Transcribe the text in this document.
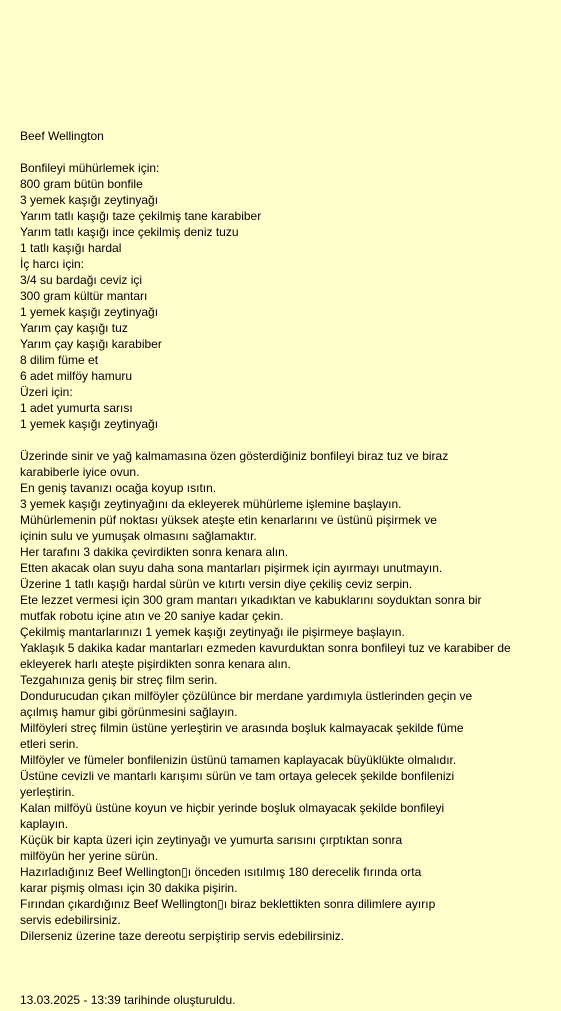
Beef Wellington
Bonfileyi mühürlemek için:
800 gram bütün bonfile
3 yemek kaşığı zeytinyağı
Yarım tatlı kaşığı taze çekilmiş tane karabiber
Yarım tatlı kaşığı ince çekilmiş deniz tuzu
1 tatlı kaşığı hardal
İç harcı için:
3/4 su bardağı ceviz içi
300 gram kültür mantarı
1 yemek kaşığı zeytinyağı
Yarım çay kaşığı tuz
Yarım çay kaşığı karabiber
8 dilim füme et
6 adet milföy hamuru
Üzeri için:
1 adet yumurta sarısı
1 yemek kaşığı zeytinyağı
Üzerinde sinir ve yağ kalmamasına özen gösterdiğiniz bonfileyi biraz tuz ve biraz
karabiberle iyice ovun.
En geniş tavanızı ocağa koyup ısıtın.
3 yemek kaşığı zeytinyağını da ekleyerek mühürleme işlemine başlayın.
Mühürlemenin püf noktası yüksek ateşte etin kenarlarını ve üstünü pişirmek ve
içinin sulu ve yumuşak olmasını sağlamaktır.
Her tarafını 3 dakika çevirdikten sonra kenara alın.
Etten akacak olan suyu daha sona mantarları pişirmek için ayırmayı unutmayın.
Üzerine 1 tatlı kaşığı hardal sürün ve kıtırtı versin diye çekiliş ceviz serpin.
Ete lezzet vermesi için 300 gram mantarı yıkadıktan ve kabuklarını soyduktan sonra bir
mutfak robotu içine atın ve 20 saniye kadar çekin.
Çekilmiş mantarlarınızı 1 yemek kaşığı zeytinyağı ile pişirmeye başlayın.
Yaklaşık 5 dakika kadar mantarları ezmeden kavurduktan sonra bonfileyi tuz ve karabiber de
ekleyerek harlı ateşte pişirdikten sonra kenara alın.
Tezgahınıza geniş bir streç film serin.
Dondurucudan çıkan milföyler çözülünce bir merdane yardımıyla üstlerinden geçin ve
açılmış hamur gibi görünmesini sağlayın.
Milföyleri streç filmin üstüne yerleştirin ve arasında boşluk kalmayacak şekilde füme
etleri serin.
Milföyler ve fümeler bonfilenizin üstünü tamamen kaplayacak büyüklükte olmalıdır.
Üstüne cevizli ve mantarlı karışımı sürün ve tam ortaya gelecek şekilde bonfilenizi
yerleştirin.
Kalan milföyü üstüne koyun ve hiçbir yerinde boşluk olmayacak şekilde bonfileyi
kaplayın.
Küçük bir kapta üzeri için zeytinyağı ve yumurta sarısını çırptıktan sonra
milföyün her yerine sürün.
Hazırladığınız Beef Wellington▯ı önceden ısıtılmış 180 derecelik fırında orta
karar pişmiş olması için 30 dakika pişirin.
Fırından çıkardığınız Beef Wellington▯ı biraz beklettikten sonra dilimlere ayırıp
servis edebilirsiniz.
Dilerseniz üzerine taze dereotu serpiştirip servis edebilirsiniz.
13.03.2025 - 13:39 tarihinde oluşturuldu.
